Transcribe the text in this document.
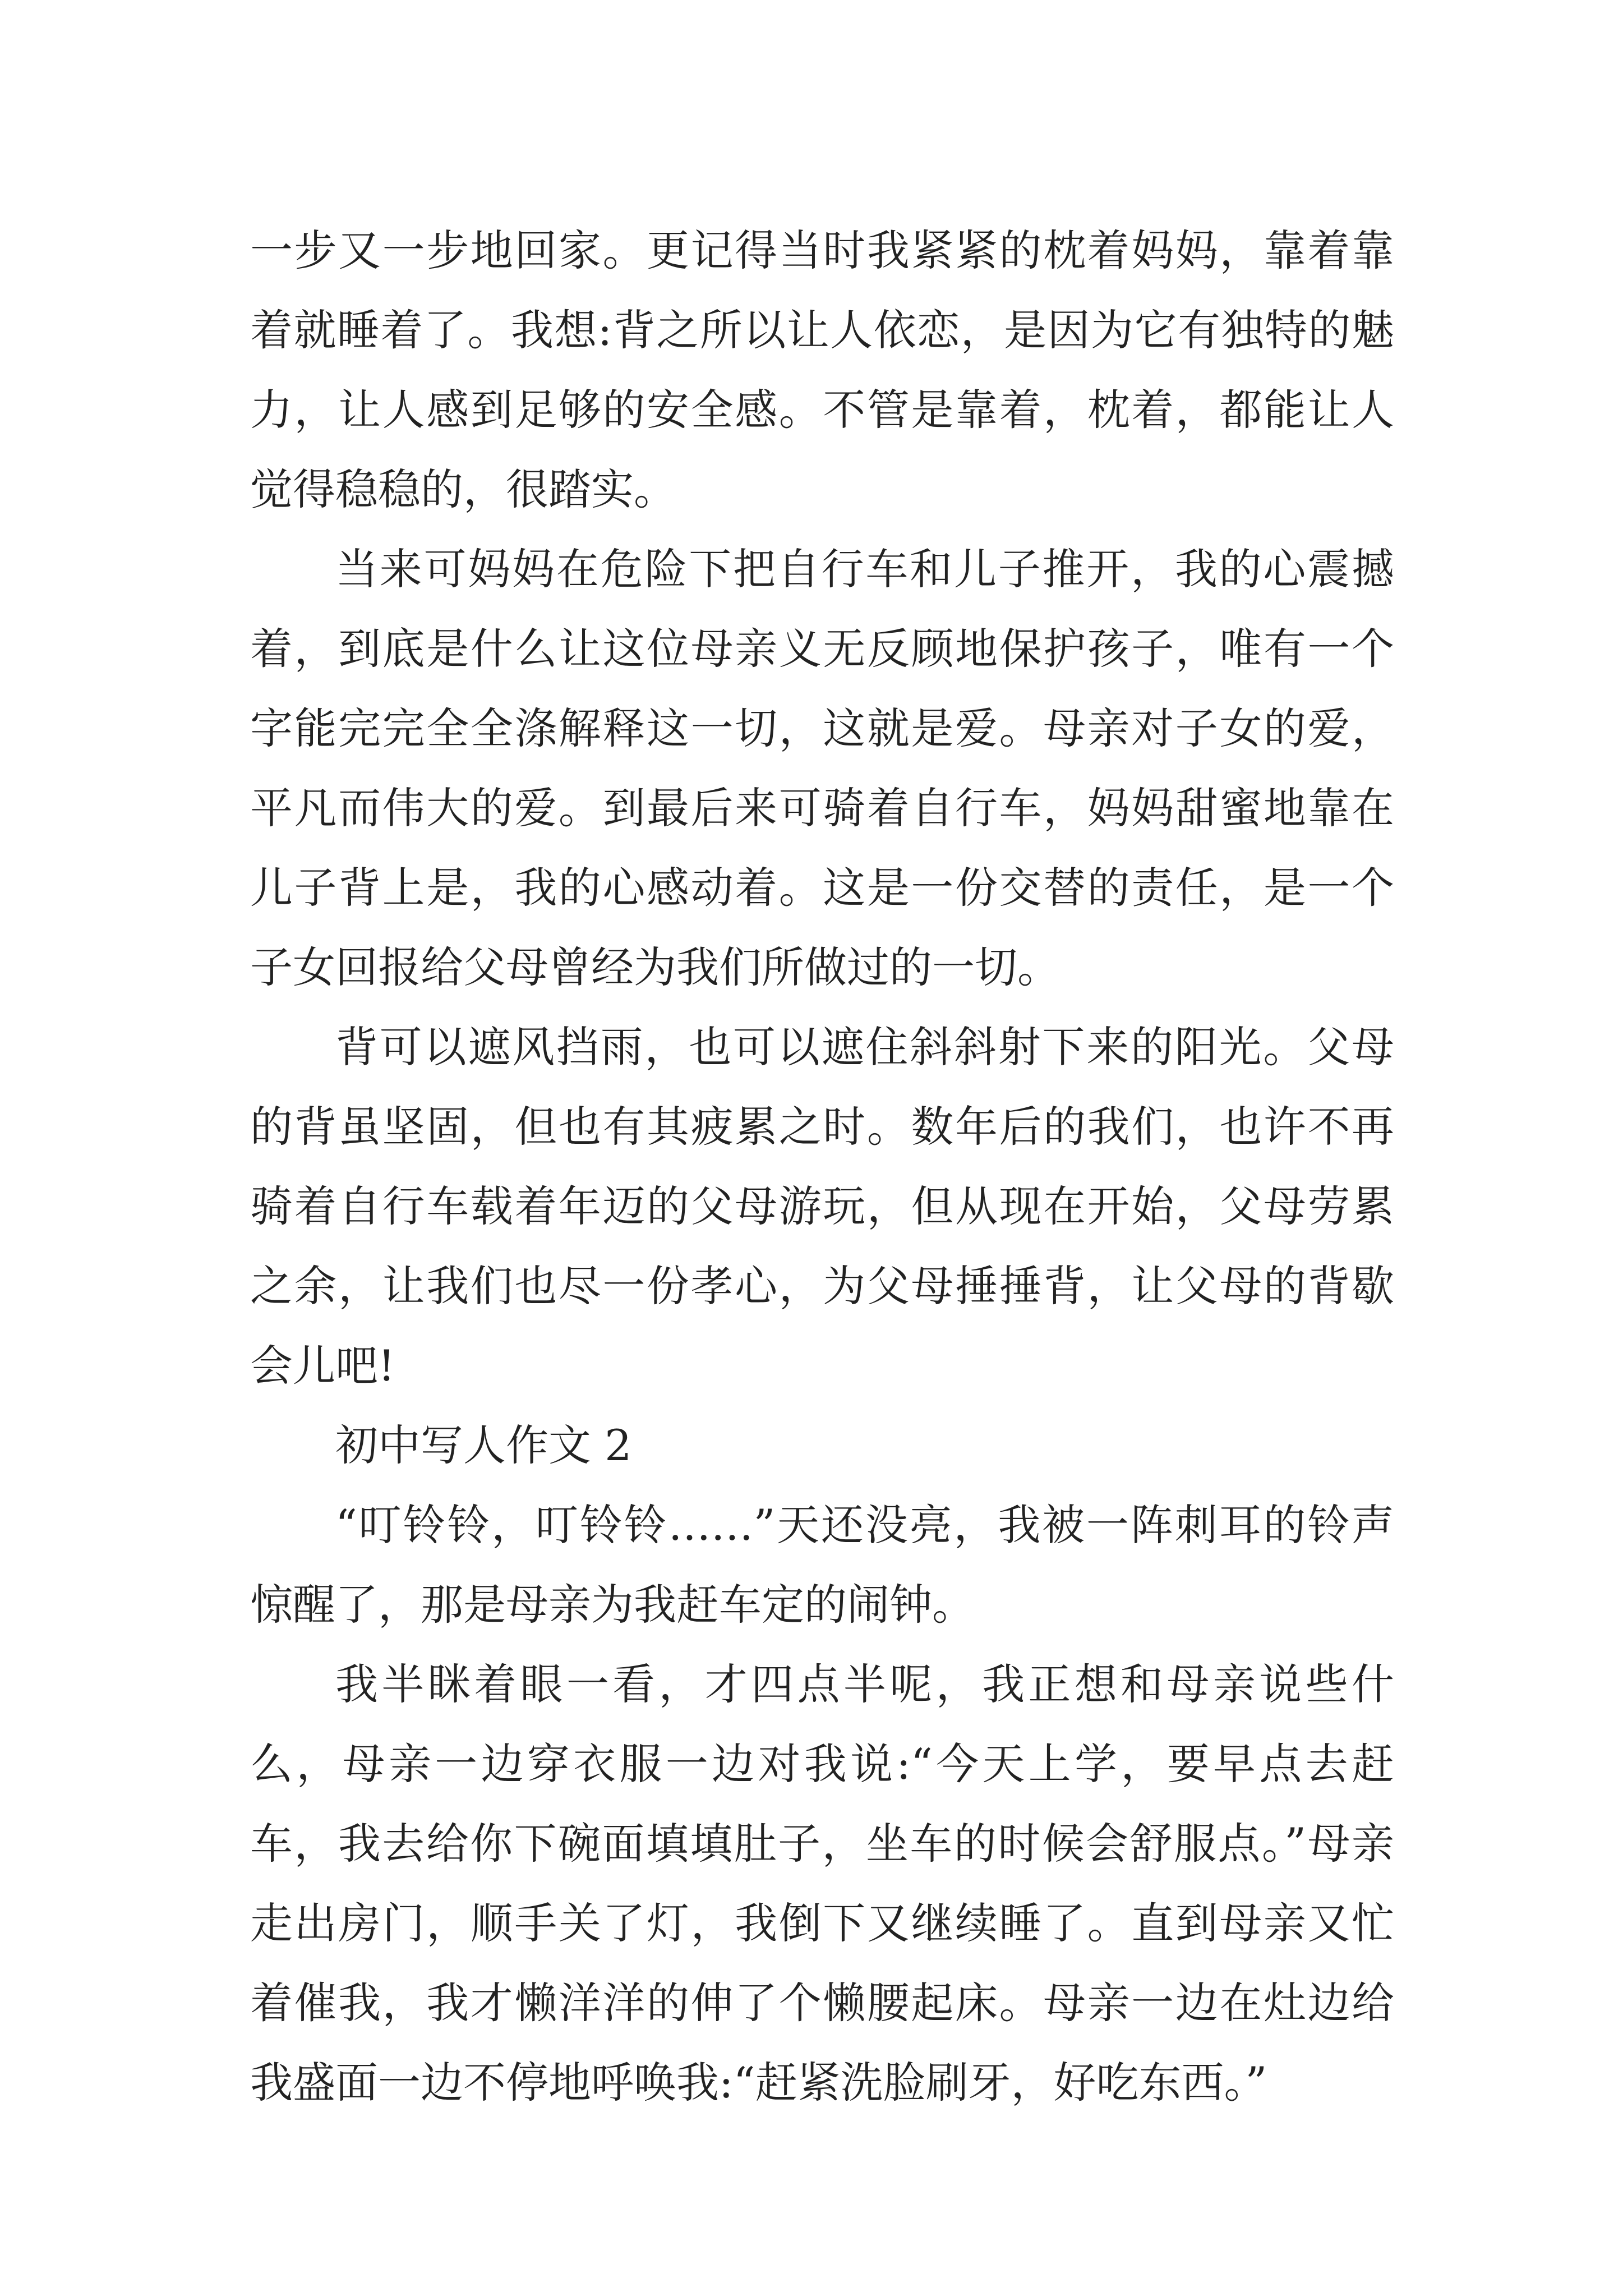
一步又一步地回家。更记得当时我紧紧的枕着妈妈，靠着靠着就睡着了。我想:背之所以让人依恋，是因为它有独特的魅力，让人感到足够的安全感。不管是靠着，枕着，都能让人觉得稳稳的，很踏实。

当来可妈妈在危险下把自行车和儿子推开，我的心震撼着，到底是什么让这位母亲义无反顾地保护孩子，唯有一个字能完完全全涤解释这一切，这就是爱。母亲对子女的爱，平凡而伟大的爱。到最后来可骑着自行车，妈妈甜蜜地靠在儿子背上是，我的心感动着。这是一份交替的责任，是一个子女回报给父母曾经为我们所做过的一切。

背可以遮风挡雨，也可以遮住斜斜射下来的阳光。父母的背虽坚固，但也有其疲累之时。数年后的我们，也许不再骑着自行车载着年迈的父母游玩，但从现在开始，父母劳累之余，让我们也尽一份孝心，为父母捶捶背，让父母的背歇会儿吧!

初中写人作文 2

“叮铃铃，叮铃铃……”天还没亮，我被一阵刺耳的铃声惊醒了，那是母亲为我赶车定的闹钟。

我半眯着眼一看，才四点半呢，我正想和母亲说些什么，母亲一边穿衣服一边对我说:“今天上学，要早点去赶车，我去给你下碗面填填肚子，坐车的时候会舒服点。”母亲走出房门，顺手关了灯，我倒下又继续睡了。直到母亲又忙着催我，我才懒洋洋的伸了个懒腰起床。母亲一边在灶边给我盛面一边不停地呼唤我:“赶紧洗脸刷牙，好吃东西。”
